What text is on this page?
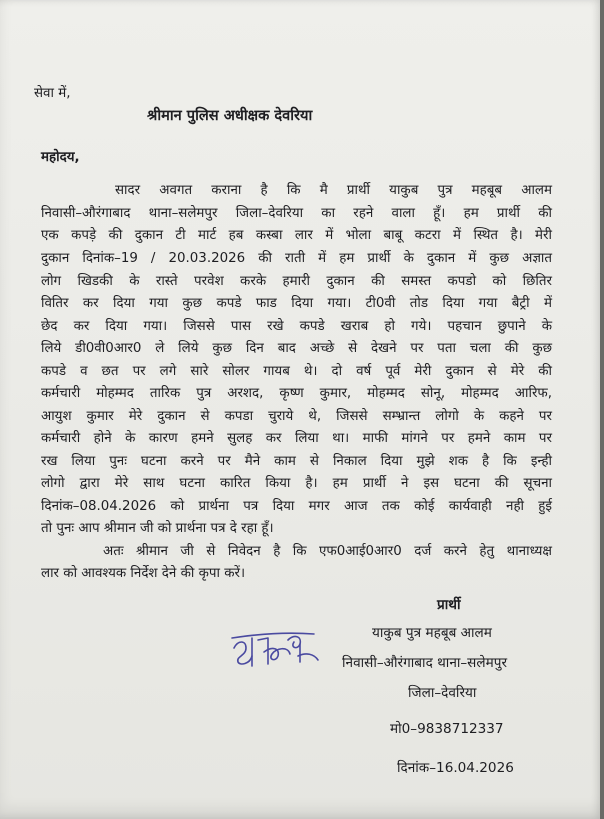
सेवा में,
श्रीमान पुलिस अधीक्षक देवरिया
महोदय,
सादर अवगत कराना है कि मै प्रार्थी याकुब पुत्र महबूब आलम
निवासी–औरंगाबाद थाना–सलेमपुर जिला–देवरिया का रहने वाला हूँ। हम प्रार्थी की
एक कपड़े की दुकान टी मार्ट हब कस्बा लार में भोला बाबू कटरा में स्थित है। मेरी
दुकान दिनांक–19 / 20.03.2026 की राती में हम प्रार्थी के दुकान में कुछ अज्ञात
लोग खिडकी के रास्ते परवेश करके हमारी दुकान की समस्त कपडो को छितिर
वितिर कर दिया गया कुछ कपडे फाड दिया गया। टी0वी तोड दिया गया बैट्री में
छेद कर दिया गया। जिससे पास रखे कपडे खराब हो गये। पहचान छुपाने के
लिये डी0वी0आर0 ले लिये कुछ दिन बाद अच्छे से देखने पर पता चला की कुछ
कपडे व छत पर लगे सारे सोलर गायब थे। दो वर्ष पूर्व मेरी दुकान से मेरे की
कर्मचारी मोहम्मद तारिक पुत्र अरशद, कृष्ण कुमार, मोहम्मद सोनू, मोहम्मद आरिफ,
आयुश कुमार मेरे दुकान से कपडा चुराये थे, जिससे सम्भ्रान्त लोगो के कहने पर
कर्मचारी होने के कारण हमने सुलह कर लिया था। माफी मांगने पर हमने काम पर
रख लिया पुनः घटना करने पर मैने काम से निकाल दिया मुझे शक है कि इन्ही
लोगो द्वारा मेरे साथ घटना कारित किया है। हम प्रार्थी ने इस घटना की सूचना
दिनांक–08.04.2026 को प्रार्थना पत्र दिया मगर आज तक कोई कार्यवाही नही हुई
तो पुनः आप श्रीमान जी को प्रार्थना पत्र दे रहा हूँ।
अतः श्रीमान जी से निवेदन है कि एफ0आई0आर0 दर्ज करने हेतु थानाध्यक्ष
लार को आवश्यक निर्देश देने की कृपा करें।
प्रार्थी
याकुब पुत्र महबूब आलम
निवासी–औरंगाबाद थाना–सलेमपुर
जिला–देवरिया
मो0–9838712337
दिनांक–16.04.2026
